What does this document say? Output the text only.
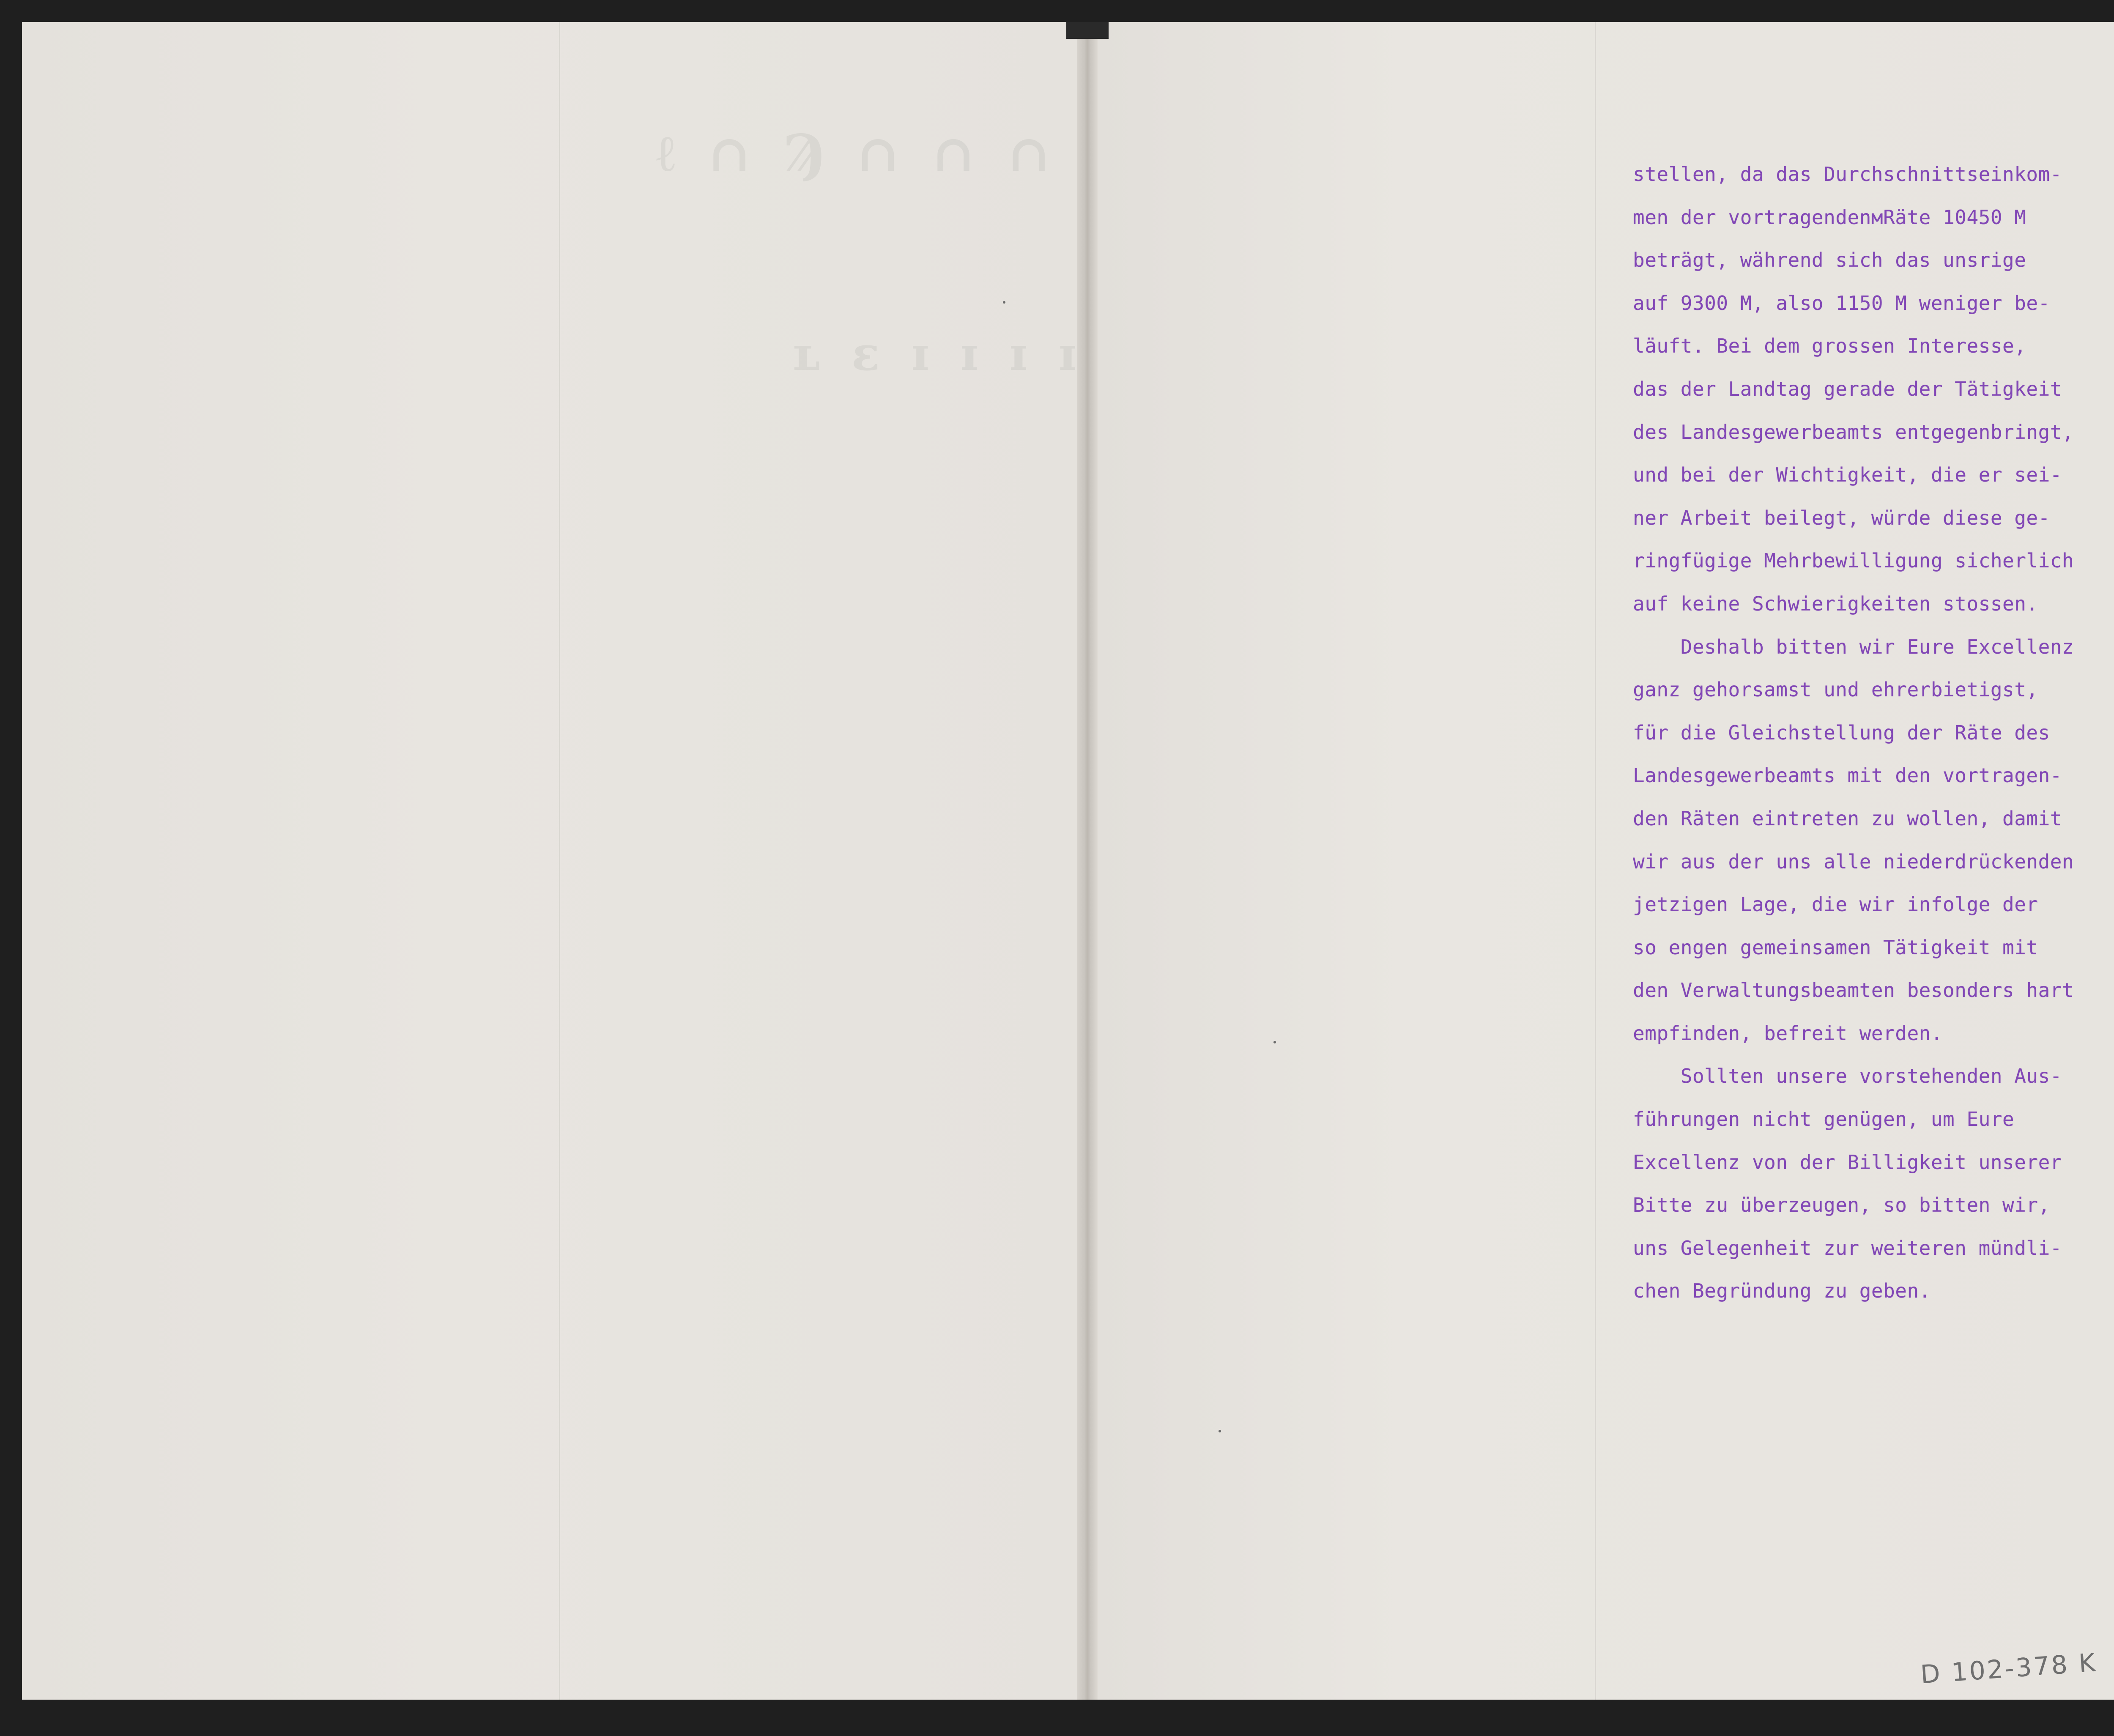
ℓ ∩ Ϡ ∩ ∩ ∩
ʟ ɛ ɪ ɪ ɪ ɪ
stellen, da das Durchschnittseinkom-
men der vortragendenмRäte 10450 M
beträgt, während sich das unsrige
auf 9300 M, also 1150 M weniger be-
läuft. Bei dem grossen Interesse,
das der Landtag gerade der Tätigkeit
des Landesgewerbeamts entgegenbringt,
und bei der Wichtigkeit, die er sei-
ner Arbeit beilegt, würde diese ge-
ringfügige Mehrbewilligung sicherlich
auf keine Schwierigkeiten stossen.
Deshalb bitten wir Eure Excellenz
ganz gehorsamst und ehrerbietigst,
für die Gleichstellung der Räte des
Landesgewerbeamts mit den vortragen-
den Räten eintreten zu wollen, damit
wir aus der uns alle niederdrückenden
jetzigen Lage, die wir infolge der
so engen gemeinsamen Tätigkeit mit
den Verwaltungsbeamten besonders hart
empfinden, befreit werden.
Sollten unsere vorstehenden Aus-
führungen nicht genügen, um Eure
Excellenz von der Billigkeit unserer
Bitte zu überzeugen, so bitten wir,
uns Gelegenheit zur weiteren mündli-
chen Begründung zu geben.
D 102-378 K
